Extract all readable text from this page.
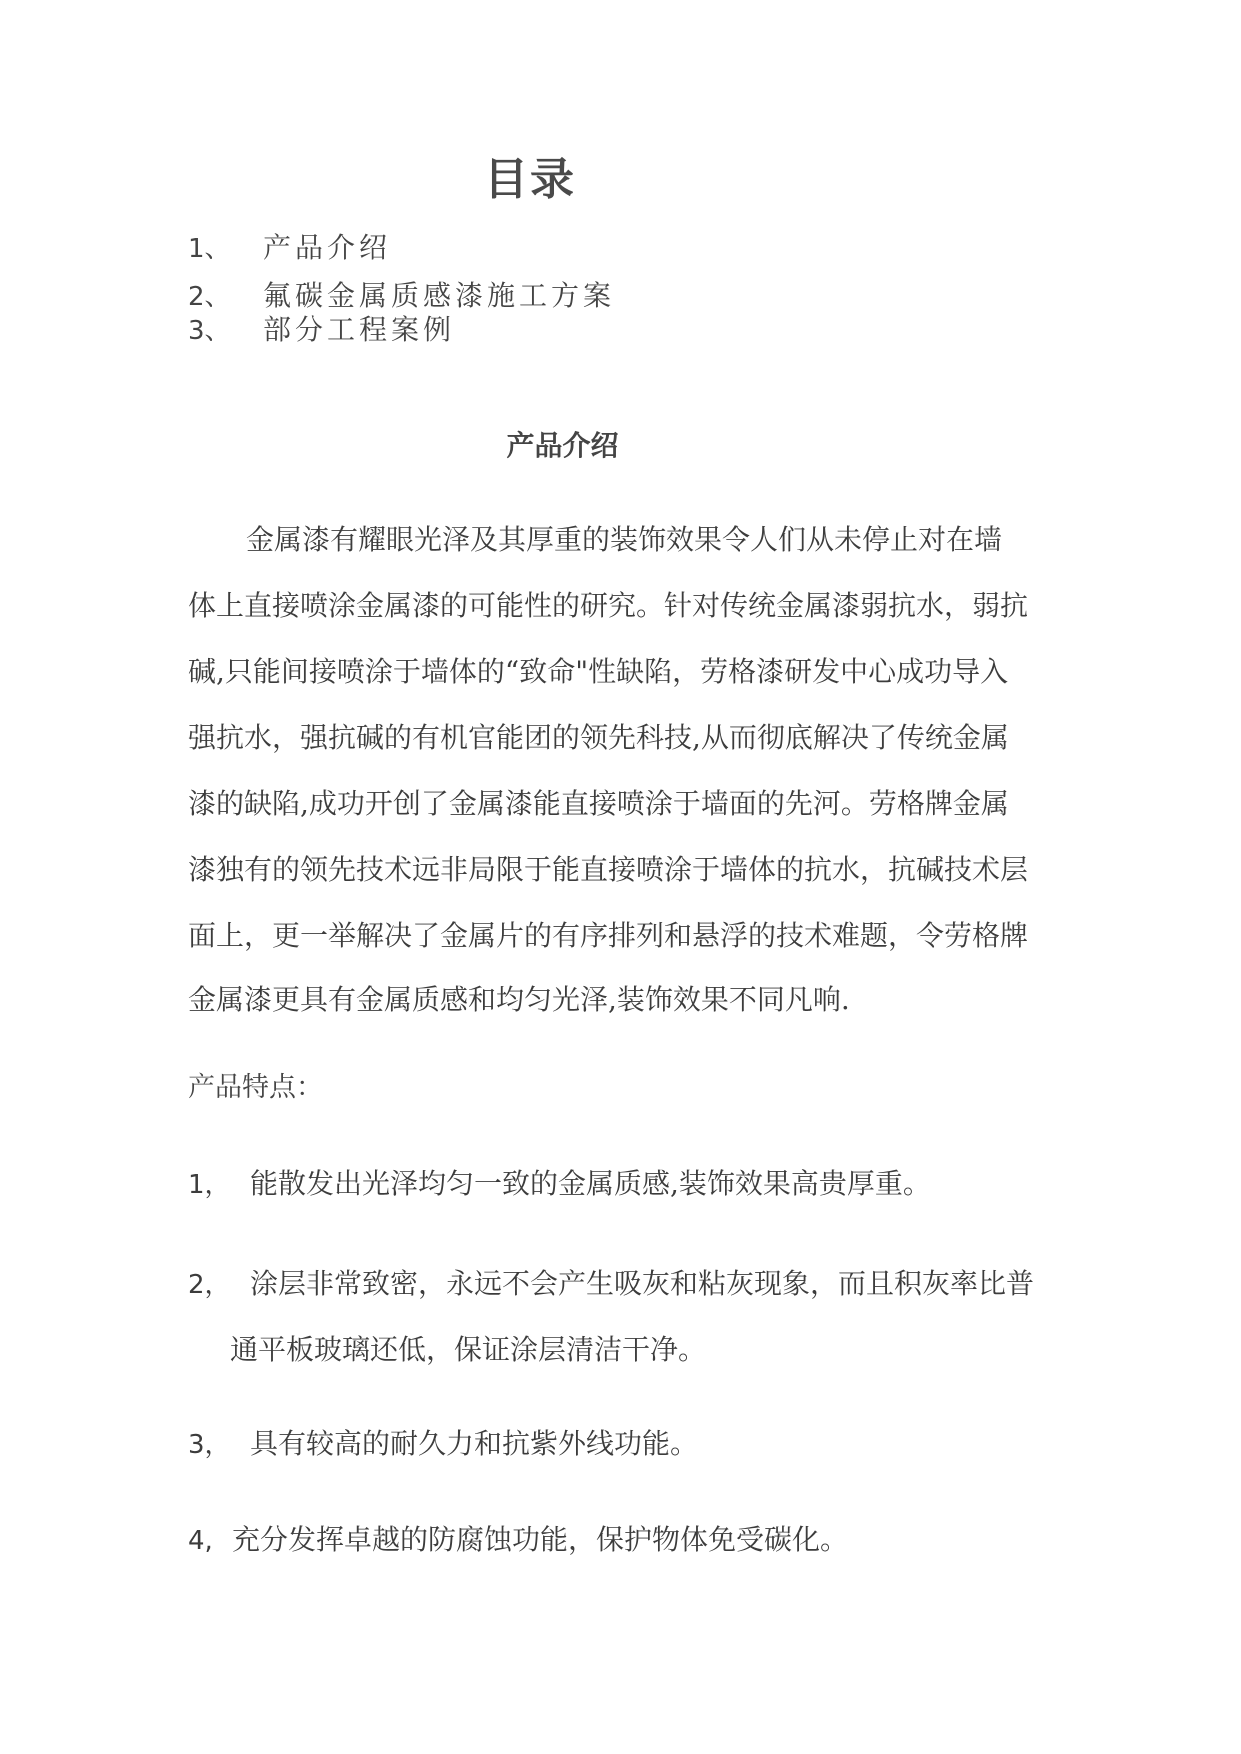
目录
1、 产品介绍
2、 氟碳金属质感漆施工方案
3、 部分工程案例
产品介绍
金属漆有耀眼光泽及其厚重的装饰效果令人们从未停止对在墙
体上直接喷涂金属漆的可能性的研究。针对传统金属漆弱抗水，弱抗
碱,只能间接喷涂于墙体的“致命"性缺陷，劳格漆研发中心成功导入
强抗水，强抗碱的有机官能团的领先科技,从而彻底解决了传统金属
漆的缺陷,成功开创了金属漆能直接喷涂于墙面的先河。劳格牌金属
漆独有的领先技术远非局限于能直接喷涂于墙体的抗水，抗碱技术层
面上，更一举解决了金属片的有序排列和悬浮的技术难题，令劳格牌
金属漆更具有金属质感和均匀光泽,装饰效果不同凡响.
产品特点：
1， 能散发出光泽均匀一致的金属质感,装饰效果高贵厚重。
2， 涂层非常致密，永远不会产生吸灰和粘灰现象，而且积灰率比普
通平板玻璃还低，保证涂层清洁干净。
3， 具有较高的耐久力和抗紫外线功能。
4, 充分发挥卓越的防腐蚀功能，保护物体免受碳化。
